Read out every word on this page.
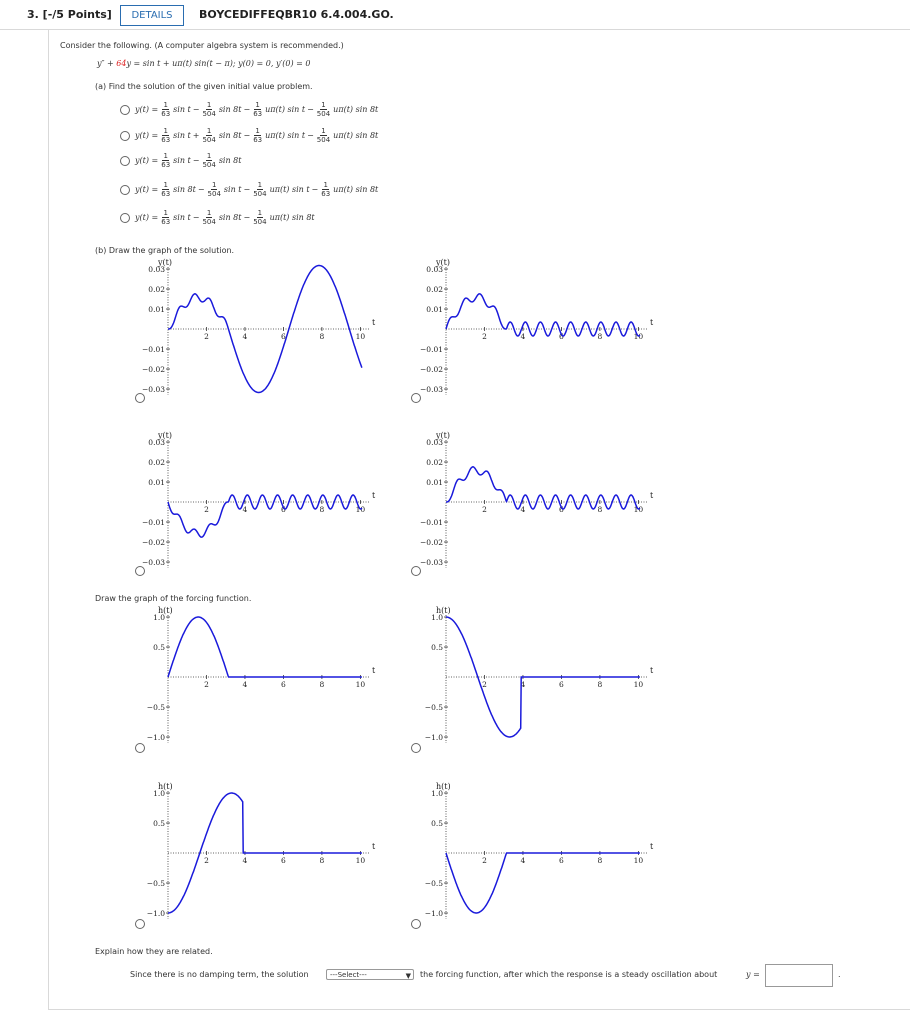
3. [-/5 Points]	DETAILS	BOYCEDIFFEQBR10 6.4.004.GO.
Consider the following. (A computer algebra system is recommended.)
y″ + 64y = sin t + uπ(t) sin(t − π); y(0) = 0, y′(0) = 0
(a) Find the solution of the given initial value problem.
$y(t) = \frac{1}{63}$ $\sin t - \frac{1}{504}$ $\sin 8t - \frac{1}{63} u\pi(t)$ $\sin t - \frac{1}{504} u\pi(t)$ sin 8t
$y(t) = \frac{1}{63}$ $\sin t + \frac{1}{504}$ $\sin 8t - \frac{1}{63} u\pi(t)$ $\sin t - \frac{1}{504} u\pi(t)$ sin 8t
$y(t) = \frac{1}{63}$ $\sin t - \frac{1}{504}$ sin 8t
$y(t) = \frac{1}{63}$ $\sin 8t - \frac{1}{504}$ $\sin t - \frac{1}{504} u\pi(t)$ $\sin t - \frac{1}{63} u\pi(t)$ sin 8t
$y(t) = \frac{1}{63}$ $\sin t - \frac{1}{504}$ $\sin 8t - \frac{1}{504} u\pi(t)$ sin 8t
(b) Draw the graph of the solution.
Draw the graph of the forcing function.
y(t)
t
−0.03
−0.02
−0.01
0.01
0.02
0.03
2	4	6	8	10
y(t)
t
−0.03
−0.02
−0.01
0.01
0.02
0.03
2	4	6	8	10
y(t)
t
−0.03
−0.02
−0.01
0.01
0.02
0.03
2	4	6	8	10
y(t)
t
−0.03
−0.02
−0.01
0.01
0.02
0.03
2	4	6	8	10
h(t)
t
−1.0
−0.5
0.5
1.0
2	4	6	8	10
h(t)
t
−1.0
−0.5
0.5
1.0
2	4	6	8	10
h(t)
t
−1.0
−0.5
0.5
1.0
2	4	6	8	10
h(t)
t
−1.0
−0.5
0.5
1.0
2	4	6	8	10
Explain how they are related.
Since there is no damping term, the solution	---Select---	▼ the forcing function, after which the response is a steady oscillation about	y =	.
